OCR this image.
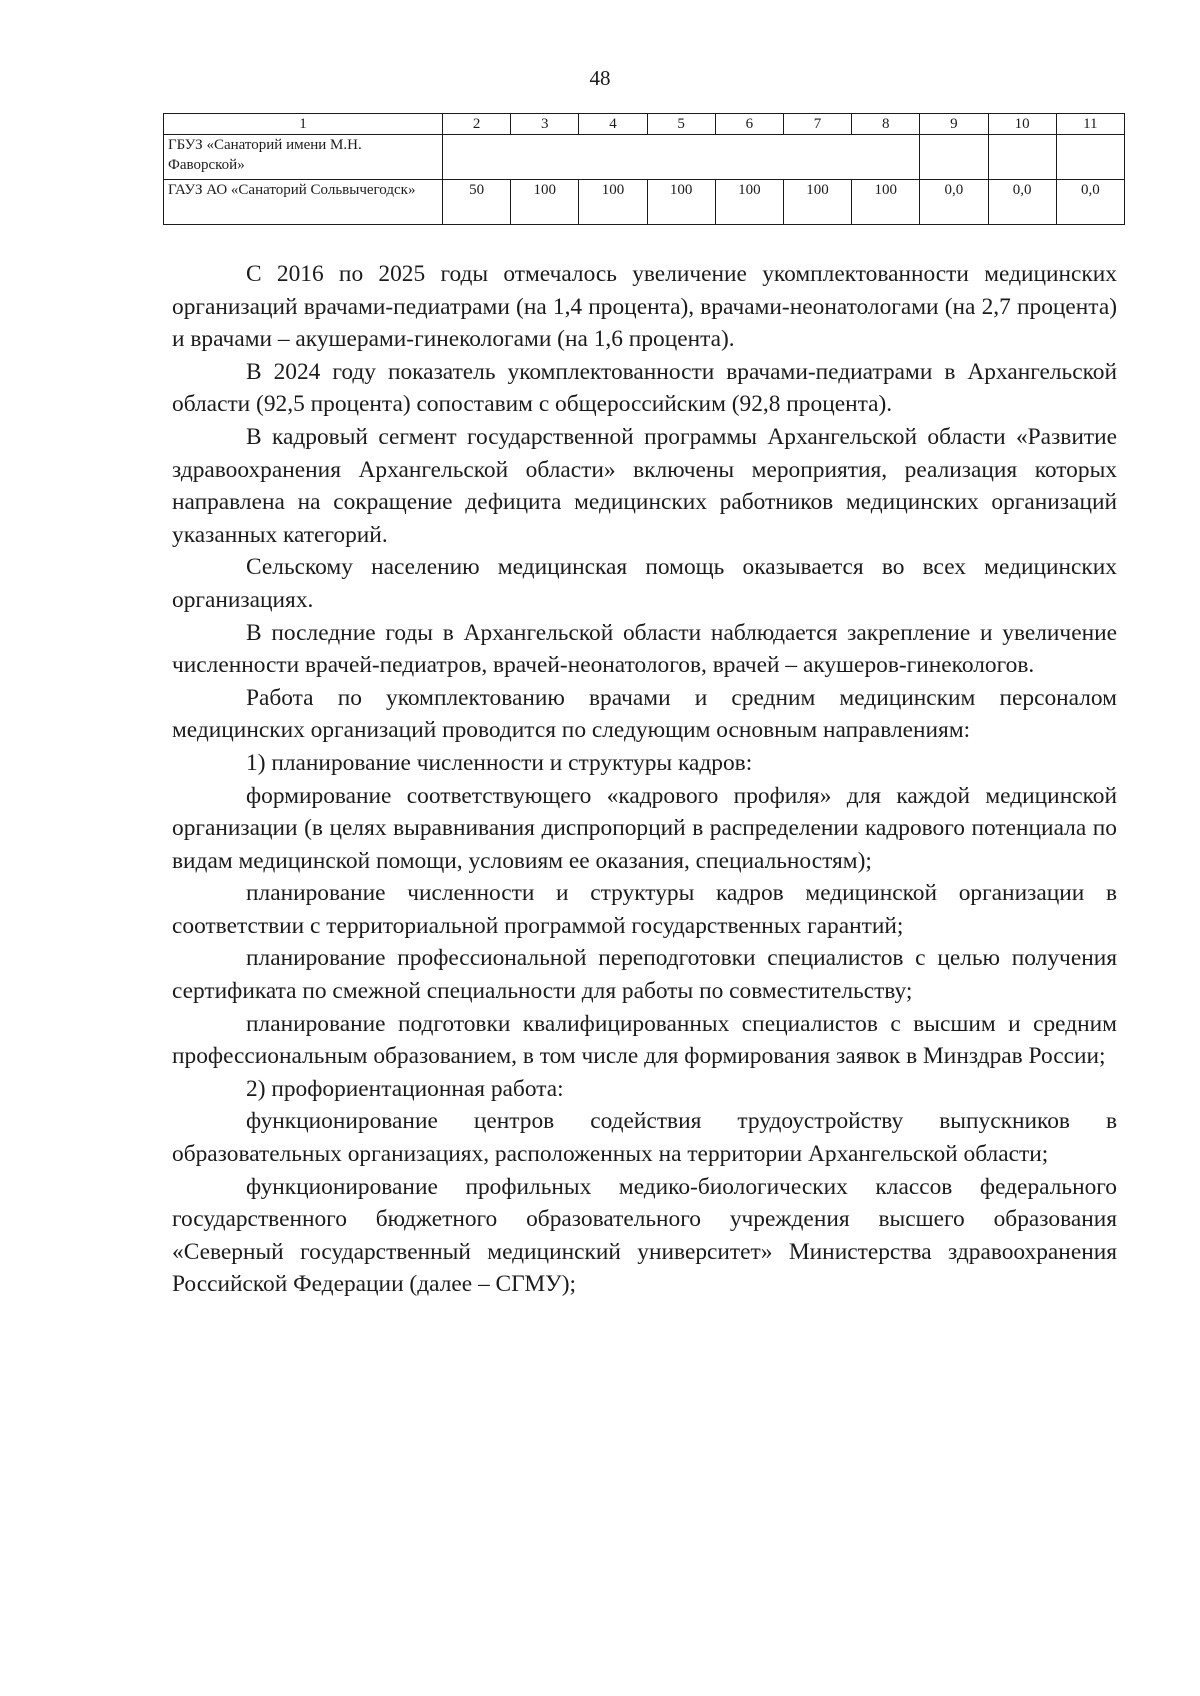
48
1	2	3	4	5	6	7	8	9	10	11
ГБУЗ «Санаторий имени М.Н. Фаворской»										
ГАУЗ АО «Санаторий Сольвычегодск»	50	100	100	100	100	100	100	0,0	0,0	0,0

С 2016 по 2025 годы отмечалось увеличение укомплектованности медицинских организаций врачами-педиатрами (на 1,4 процента), врачами-неонатологами (на 2,7 процента) и врачами – акушерами-гинекологами (на 1,6 процента).

В 2024 году показатель укомплектованности врачами-педиатрами в Архангельской области (92,5 процента) сопоставим с общероссийским (92,8 процента).

В кадровый сегмент государственной программы Архангельской области «Развитие здравоохранения Архангельской области» включены мероприятия, реализация которых направлена на сокращение дефицита медицинских работников медицинских организаций указанных категорий.

Сельскому населению медицинская помощь оказывается во всех медицинских организациях.

В последние годы в Архангельской области наблюдается закрепление и увеличение численности врачей-педиатров, врачей-неонатологов, врачей – акушеров-гинекологов.

Работа по укомплектованию врачами и средним медицинским персоналом медицинских организаций проводится по следующим основным направлениям:

1) планирование численности и структуры кадров:

формирование соответствующего «кадрового профиля» для каждой медицинской организации (в целях выравнивания диспропорций в распределении кадрового потенциала по видам медицинской помощи, условиям ее оказания, специальностям);

планирование численности и структуры кадров медицинской организации в соответствии с территориальной программой государственных гарантий;

планирование профессиональной переподготовки специалистов с целью получения сертификата по смежной специальности для работы по совместительству;

планирование подготовки квалифицированных специалистов с высшим и средним профессиональным образованием, в том числе для формирования заявок в Минздрав России;

2) профориентационная работа:

функционирование центров содействия трудоустройству выпускников в образовательных организациях, расположенных на территории Архангельской области;

функционирование профильных медико-биологических классов федерального государственного бюджетного образовательного учреждения высшего образования «Северный государственный медицинский университет» Министерства здравоохранения Российской Федерации (далее – СГМУ);
